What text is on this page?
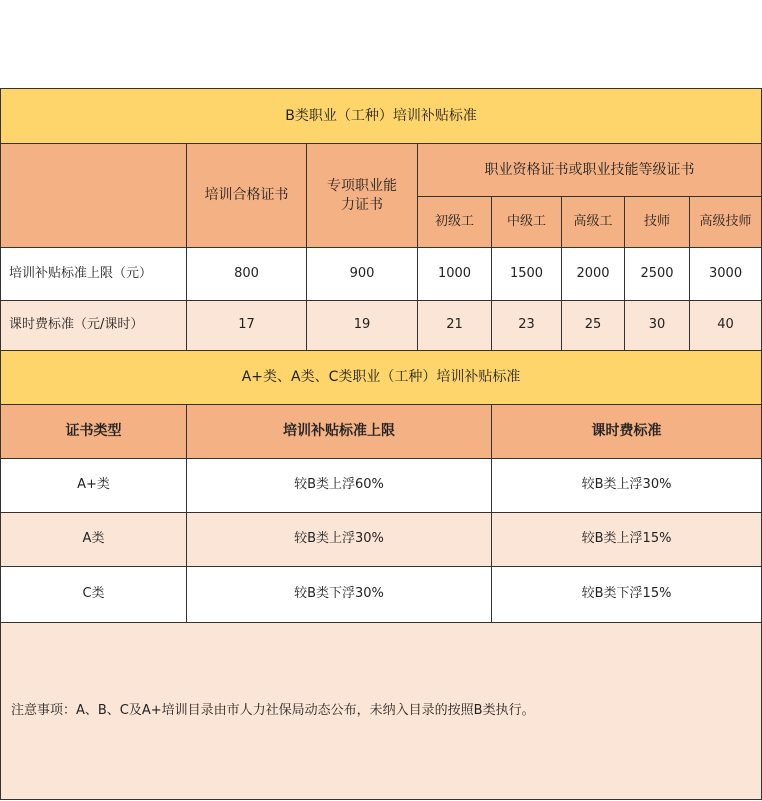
B类职业（工种）培训补贴标准							
	培训合格证书	专项职业能力证书	职业资格证书或职业技能等级证书				
			初级工	中级工	高级工	技师	高级技师
培训补贴标准上限（元）	800	900	1000	1500	2000	2500	3000
课时费标准（元/课时）	17	19	21	23	25	30	40
A+类、A类、C类职业（工种）培训补贴标准							
证书类型	培训补贴标准上限			课时费标准			
A+类	较B类上浮60%			较B类上浮30%			
A类	较B类上浮30%			较B类上浮15%			
C类	较B类下浮30%			较B类下浮15%			
注意事项：A、B、C及A+培训目录由市人力社保局动态公布，未纳入目录的按照B类执行。							
